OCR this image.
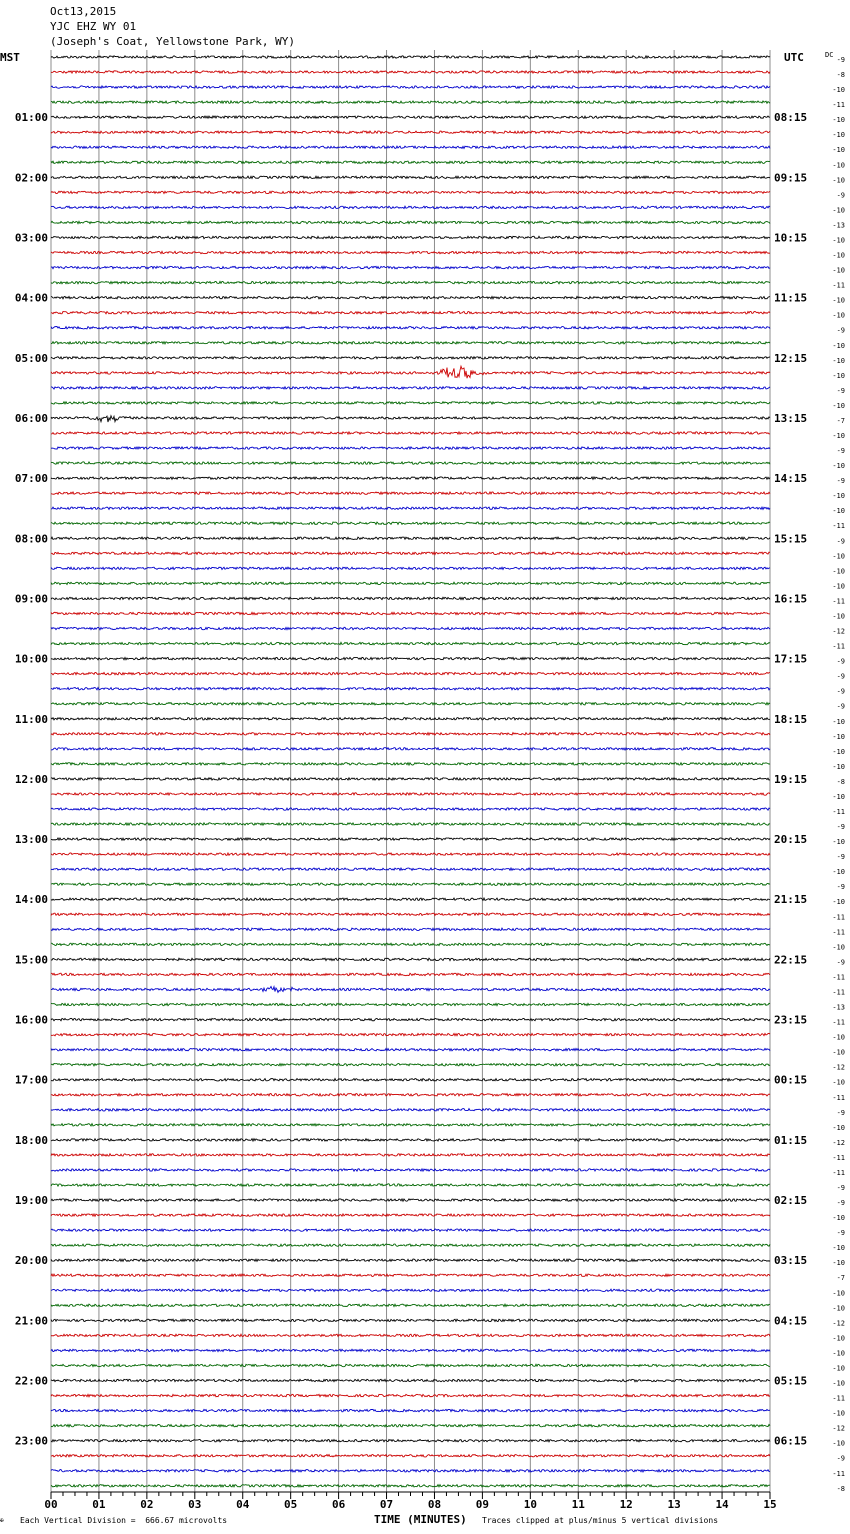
Oct13,2015
YJC EHZ WY 01
(Joseph's Coat, Yellowstone Park, WY)
MST	UTC	DC
01:00
02:00
03:00
04:00
05:00
06:00
07:00
08:00
09:00
10:00
11:00
12:00
13:00
14:00
15:00
16:00
17:00
18:00
19:00
20:00
21:00
22:00
23:00
08:15
09:15
10:15
11:15
12:15
13:15
14:15
15:15
16:15
17:15
18:15
19:15
20:15
21:15
22:15
23:15
00:15
01:15
02:15
03:15
04:15
05:15
06:15
-9
-8
-10
-11
-10
-10
-10
-10
-10
-9
-10
-13
-10
-10
-10
-11
-10
-10
-9
-10
-10
-10
-9
-10
-7
-10
-9
-10
-9
-10
-10
-11
-9
-10
-10
-10
-11
-10
-12
-11
-9
-9
-9
-9
-10
-10
-10
-10
-8
-10
-11
-9
-10
-9
-10
-9
-10
-11
-11
-10
-9
-11
-11
-13
-11
-10
-10
-12
-10
-11
-9
-10
-12
-11
-11
-9
-9
-10
-9
-10
-10
-7
-10
-10
-12
-10
-10
-10
-10
-11
-10
-12
-10
-9
-11
-8
00	01	02	03	04	05	06	07	08	09	10	11	12	13	14	15
✠ Each Vertical Division =  666.67 microvolts	TIME (MINUTES) Traces clipped at plus/minus 5 vertical divisions
